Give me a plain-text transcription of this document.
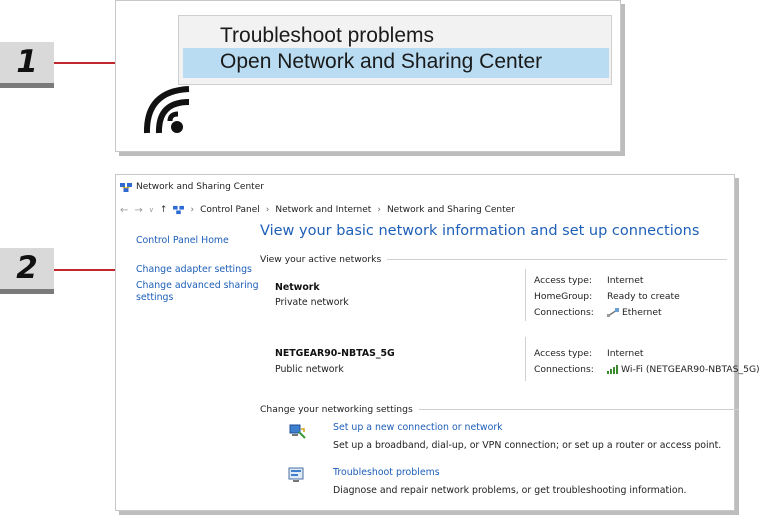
1
Troubleshoot problems
Open Network and Sharing Center
2
Network and Sharing Center
← → ∨ ↑	› Control Panel › Network and Internet › Network and Sharing Center
Control Panel Home
Change adapter settings
Change advanced sharing
settings
View your basic network information and set up connections
View your active networks
Network
Private network
Access type: Internet
HomeGroup: Ready to create
Connections:	Ethernet
NETGEAR90-NBTAS_5G
Public network
Access type: Internet
Connections:	Wi-Fi (NETGEAR90-NBTAS_5G)
Change your networking settings
Set up a new connection or network
Set up a broadband, dial-up, or VPN connection; or set up a router or access point.
Troubleshoot problems
Diagnose and repair network problems, or get troubleshooting information.
